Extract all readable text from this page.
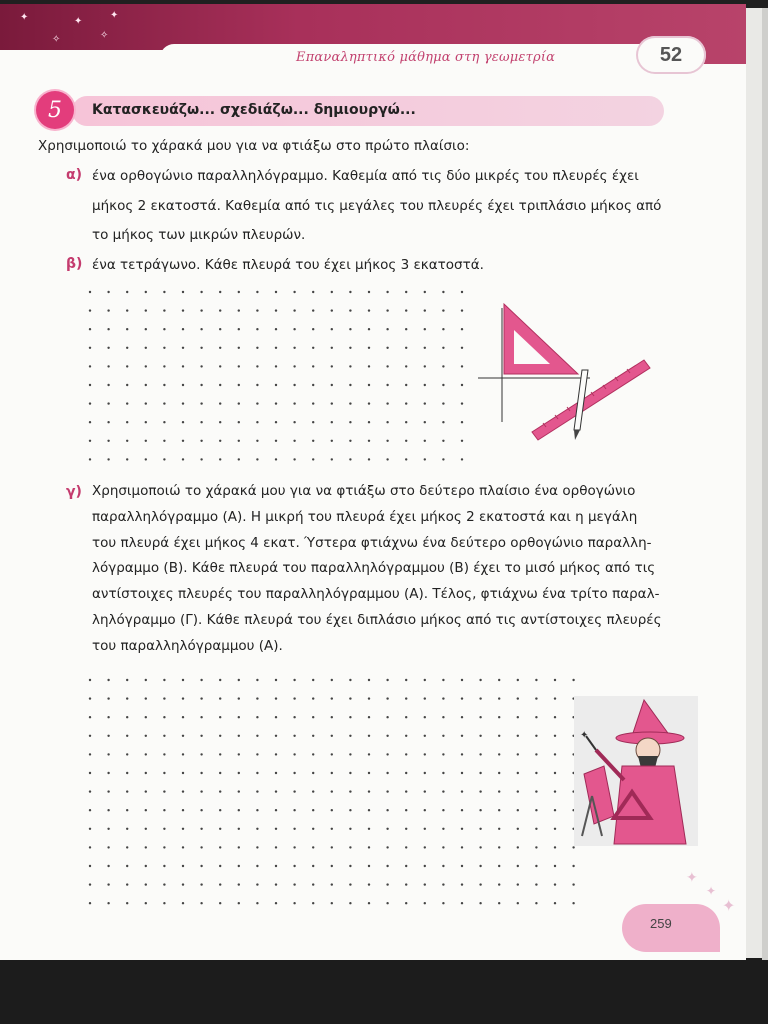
✦
✧
✦
✧
✦
Επαναληπτικό μάθημα στη γεωμετρία	52
5 Κατασκευάζω... σχεδιάζω... δημιουργώ...
Χρησιμοποιώ το χάρακά μου για να φτιάξω στο πρώτο πλαίσιο:
α) ένα ορθογώνιο παραλληλόγραμμο. Καθεμία από τις δύο μικρές του πλευρές έχει
μήκος 2 εκατοστά. Καθεμία από τις μεγάλες του πλευρές έχει τριπλάσιο μήκος από
το μήκος των μικρών πλευρών.
β) ένα τετράγωνο. Κάθε πλευρά του έχει μήκος 3 εκατοστά.
γ) Χρησιμοποιώ το χάρακά μου για να φτιάξω στο δεύτερο πλαίσιο ένα ορθογώνιο
παραλληλόγραμμο (Α). Η μικρή του πλευρά έχει μήκος 2 εκατοστά και η μεγάλη
του πλευρά έχει μήκος 4 εκατ. Ύστερα φτιάχνω ένα δεύτερο ορθογώνιο παραλλη-
λόγραμμο (Β). Κάθε πλευρά του παραλληλόγραμμου (Β) έχει το μισό μήκος από τις
αντίστοιχες πλευρές του παραλληλόγραμμου (Α). Τέλος, φτιάχνω ένα τρίτο παραλ-
ληλόγραμμο (Γ). Κάθε πλευρά του έχει διπλάσιο μήκος από τις αντίστοιχες πλευρές
του παραλληλόγραμμου (Α).
✦
✦
✦
✦
259
